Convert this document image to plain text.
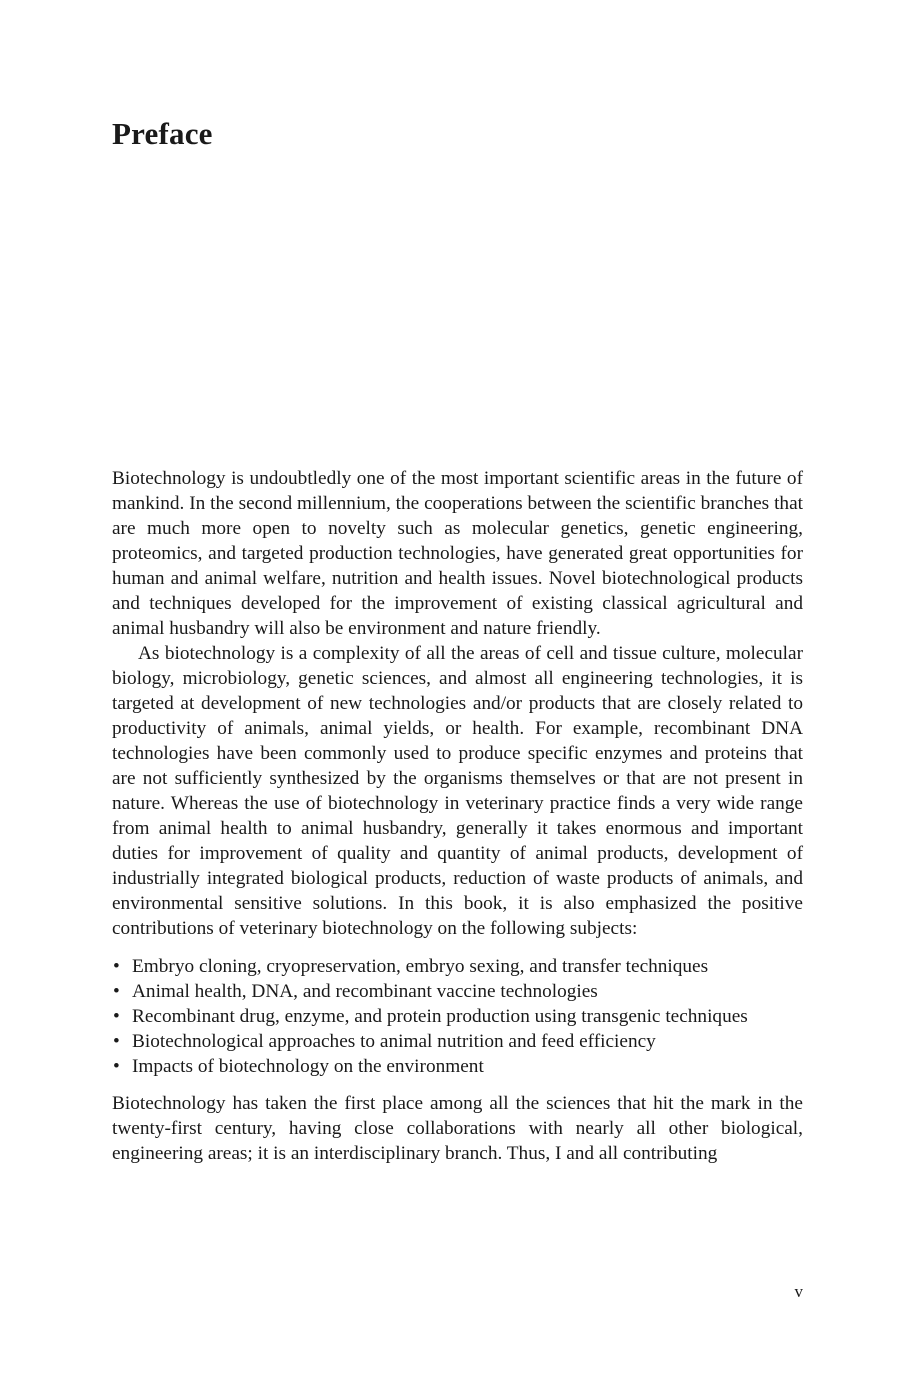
Preface

Biotechnology is undoubtledly one of the most important scientific areas in the future of mankind. In the second millennium, the cooperations between the scientific branches that are much more open to novelty such as molecular genetics, genetic engineering, proteomics, and targeted production technologies, have generated great opportunities for human and animal welfare, nutrition and health issues. Novel biotechnological products and techniques developed for the improvement of existing classical agricultural and animal husbandry will also be environment and nature friendly.

As biotechnology is a complexity of all the areas of cell and tissue culture, molecular biology, microbiology, genetic sciences, and almost all engineering technologies, it is targeted at development of new technologies and/or products that are closely related to productivity of animals, animal yields, or health. For example, recombinant DNA technologies have been commonly used to produce specific enzymes and proteins that are not sufficiently synthesized by the organisms themselves or that are not present in nature. Whereas the use of biotechnology in veterinary practice finds a very wide range from animal health to animal husbandry, generally it takes enormous and important duties for improvement of quality and quantity of animal products, development of industrially integrated biological products, reduction of waste products of animals, and environmental sensitive solutions. In this book, it is also emphasized the positive contributions of veterinary biotechnology on the following subjects:

• Embryo cloning, cryopreservation, embryo sexing, and transfer techniques
• Animal health, DNA, and recombinant vaccine technologies
• Recombinant drug, enzyme, and protein production using transgenic techniques
• Biotechnological approaches to animal nutrition and feed efficiency
• Impacts of biotechnology on the environment

Biotechnology has taken the first place among all the sciences that hit the mark in the twenty-first century, having close collaborations with nearly all other biological, engineering areas; it is an interdisciplinary branch. Thus, I and all contributing

v
